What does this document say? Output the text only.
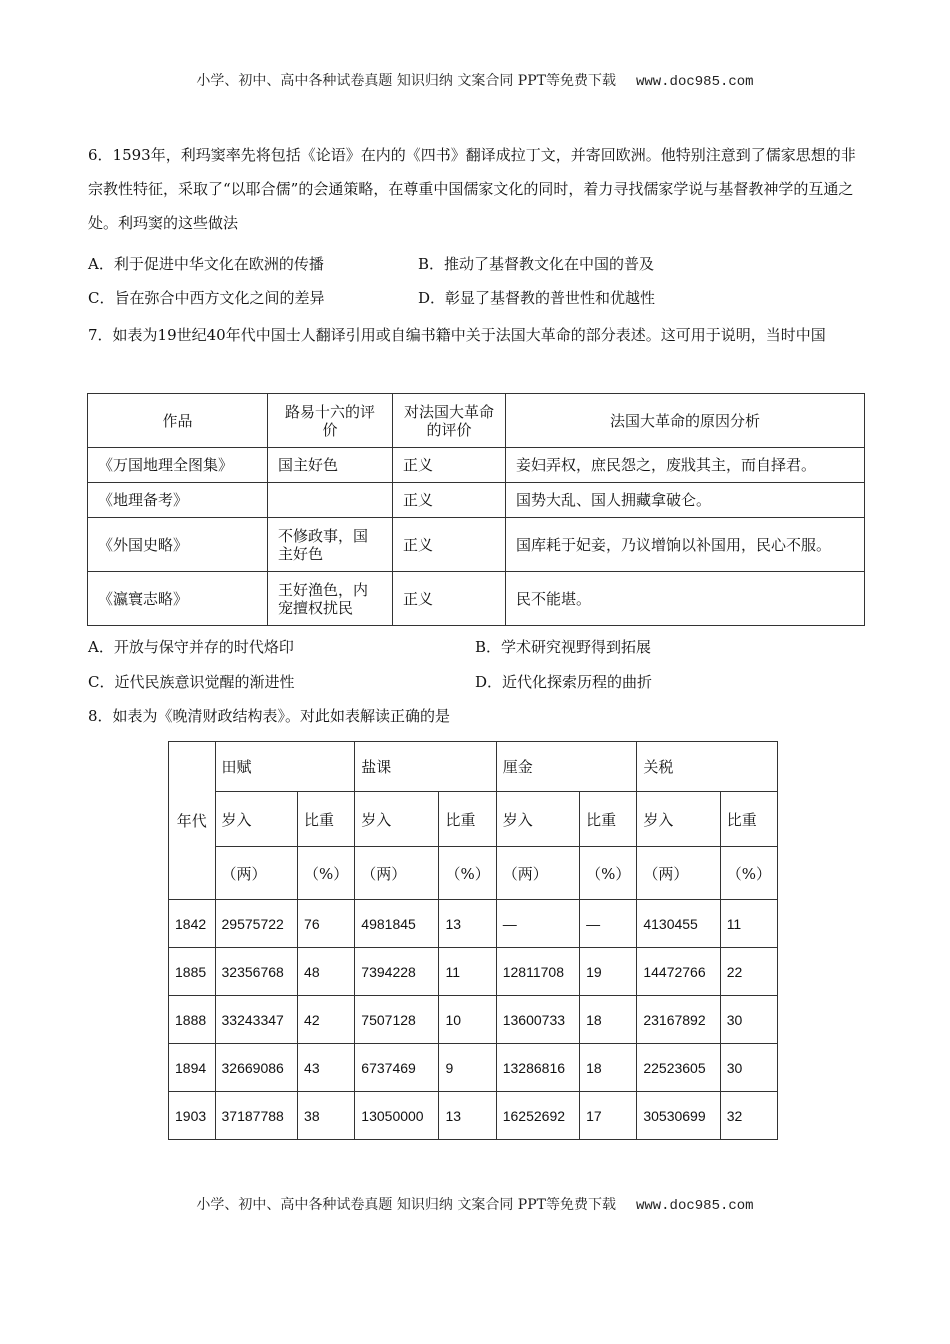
小学、初中、高中各种试卷真题 知识归纳 文案合同 PPT等免费下载 www.doc985.com
6．1593年，利玛窦率先将包括《论语》在内的《四书》翻译成拉丁文，并寄回欧洲。他特别注意到了儒家思想的非宗教性特征，采取了“以耶合儒”的会通策略，在尊重中国儒家文化的同时，着力寻找儒家学说与基督教神学的互通之处。利玛窦的这些做法
A．利于促进中华文化在欧洲的传播	B．推动了基督教文化在中国的普及
C．旨在弥合中西方文化之间的差异	D．彰显了基督教的普世性和优越性
7．如表为19世纪40年代中国士人翻译引用或自编书籍中关于法国大革命的部分表述。这可用于说明，当时中国
作品	路易十六的评价	对法国大革命的评价	法国大革命的原因分析
《万国地理全图集》	国主好色	正义	妾妇弄权，庶民怨之，废戕其主，而自择君。
《地理备考》		正义	国势大乱、国人拥藏拿破仑。
《外国史略》	不修政事，国主好色	正义	国库耗于妃妾，乃议增饷以补国用，民心不服。
《瀛寰志略》	王好渔色，内宠擅权扰民	正义	民不能堪。
A．开放与保守并存的时代烙印	B．学术研究视野得到拓展
C．近代民族意识觉醒的渐进性	D．近代化探索历程的曲折
8．如表为《晚清财政结构表》。对此如表解读正确的是
年代	田赋		盐课		厘金		关税	
	岁入	比重	岁入	比重	岁入	比重	岁入	比重
	（两）	（%）	（两）	（%）	（两）	（%）	（两）	（%）
1842	29575722	76	4981845	13	—	—	4130455	11
1885	32356768	48	7394228	11	12811708	19	14472766	22
1888	33243347	42	7507128	10	13600733	18	23167892	30
1894	32669086	43	6737469	9	13286816	18	22523605	30
1903	37187788	38	13050000	13	16252692	17	30530699	32
小学、初中、高中各种试卷真题 知识归纳 文案合同 PPT等免费下载 www.doc985.com
